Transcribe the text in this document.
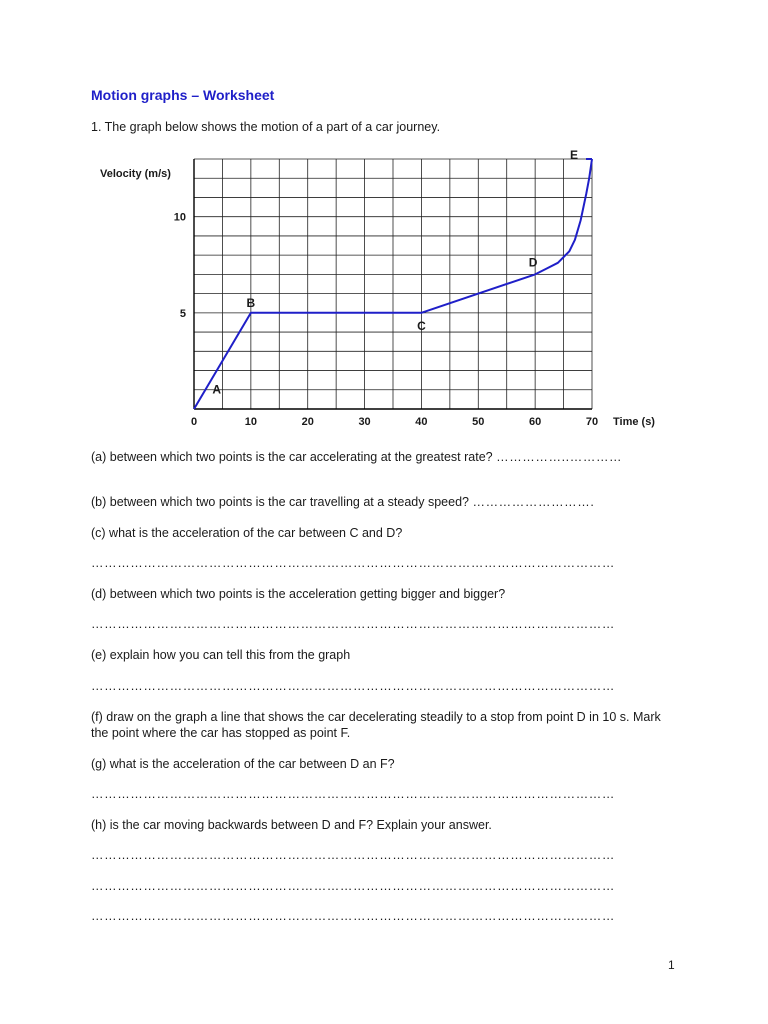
Motion graphs – Worksheet
1. The graph below shows the motion of a part of a car journey.
0	10	20	30	40	50	60	70
5
10
Velocity (m/s)
Time (s)
A
B
C
D
E
(a) between which two points is the car accelerating at the greatest rate? ……………..…………
(b) between which two points is the car travelling at a steady speed? ……………………….
(c) what is the acceleration of the car between C and D?
…………………………………………………………………………………………………………
(d) between which two points is the acceleration getting bigger and bigger?
…………………………………………………………………………………………………………
(e) explain how you can tell this from the graph
…………………………………………………………………………………………………………
(f) draw on the graph a line that shows the car decelerating steadily to a stop from point D in 10 s. Mark the point where the car has stopped as point F.
(g) what is the acceleration of the car between D an F?
…………………………………………………………………………………………………………
(h) is the car moving backwards between D and F? Explain your answer.
…………………………………………………………………………………………………………
…………………………………………………………………………………………………………
…………………………………………………………………………………………………………
1
